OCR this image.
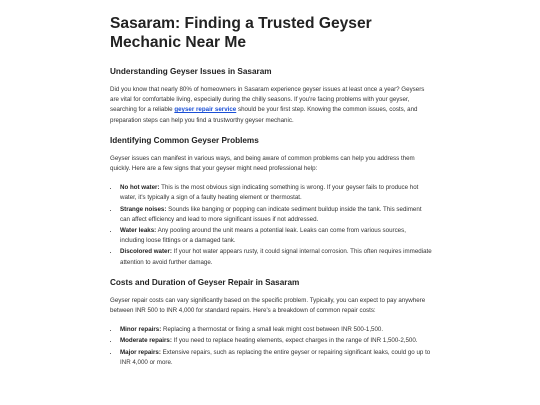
Sasaram: Finding a Trusted Geyser Mechanic Near Me
Understanding Geyser Issues in Sasaram

Did you know that nearly 80% of homeowners in Sasaram experience geyser issues at least once a year? Geysers are vital for comfortable living, especially during the chilly seasons. If you're facing problems with your geyser, searching for a reliable geyser repair service should be your first step. Knowing the common issues, costs, and preparation steps can help you find a trustworthy geyser mechanic.

Identifying Common Geyser Problems

Geyser issues can manifest in various ways, and being aware of common problems can help you address them quickly. Here are a few signs that your geyser might need professional help:

• No hot water: This is the most obvious sign indicating something is wrong. If your geyser fails to produce hot water, it's typically a sign of a faulty heating element or thermostat.
• Strange noises: Sounds like banging or popping can indicate sediment buildup inside the tank. This sediment can affect efficiency and lead to more significant issues if not addressed.
• Water leaks: Any pooling around the unit means a potential leak. Leaks can come from various sources, including loose fittings or a damaged tank.
• Discolored water: If your hot water appears rusty, it could signal internal corrosion. This often requires immediate attention to avoid further damage.
Costs and Duration of Geyser Repair in Sasaram

Geyser repair costs can vary significantly based on the specific problem. Typically, you can expect to pay anywhere between INR 500 to INR 4,000 for standard repairs. Here's a breakdown of common repair costs:

• Minor repairs: Replacing a thermostat or fixing a small leak might cost between INR 500-1,500.
• Moderate repairs: If you need to replace heating elements, expect charges in the range of INR 1,500-2,500.
• Major repairs: Extensive repairs, such as replacing the entire geyser or repairing significant leaks, could go up to INR 4,000 or more.
